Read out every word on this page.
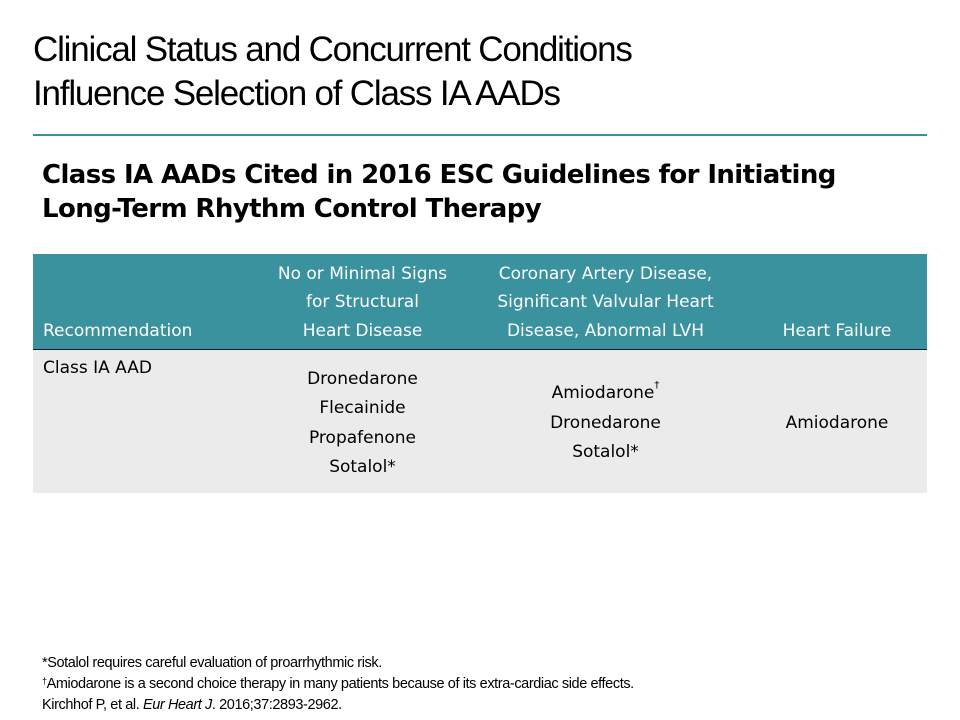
Clinical Status and Concurrent Conditions
Influence Selection of Class IA AADs
Class IA AADs Cited in 2016 ESC Guidelines for Initiating
Long-Term Rhythm Control Therapy
Recommendation
No or Minimal Signs
for Structural
Heart Disease
Coronary Artery Disease,
Significant Valvular Heart
Disease, Abnormal LVH	Heart Failure
Class IA AAD
Dronedarone
Flecainide
Propafenone
Sotalol*
Amiodarone†
Dronedarone
Sotalol*
Amiodarone
*Sotalol requires careful evaluation of proarrhythmic risk.
†Amiodarone is a second choice therapy in many patients because of its extra-cardiac side effects.
Kirchhof P, et al. Eur Heart J. 2016;37:2893-2962.
